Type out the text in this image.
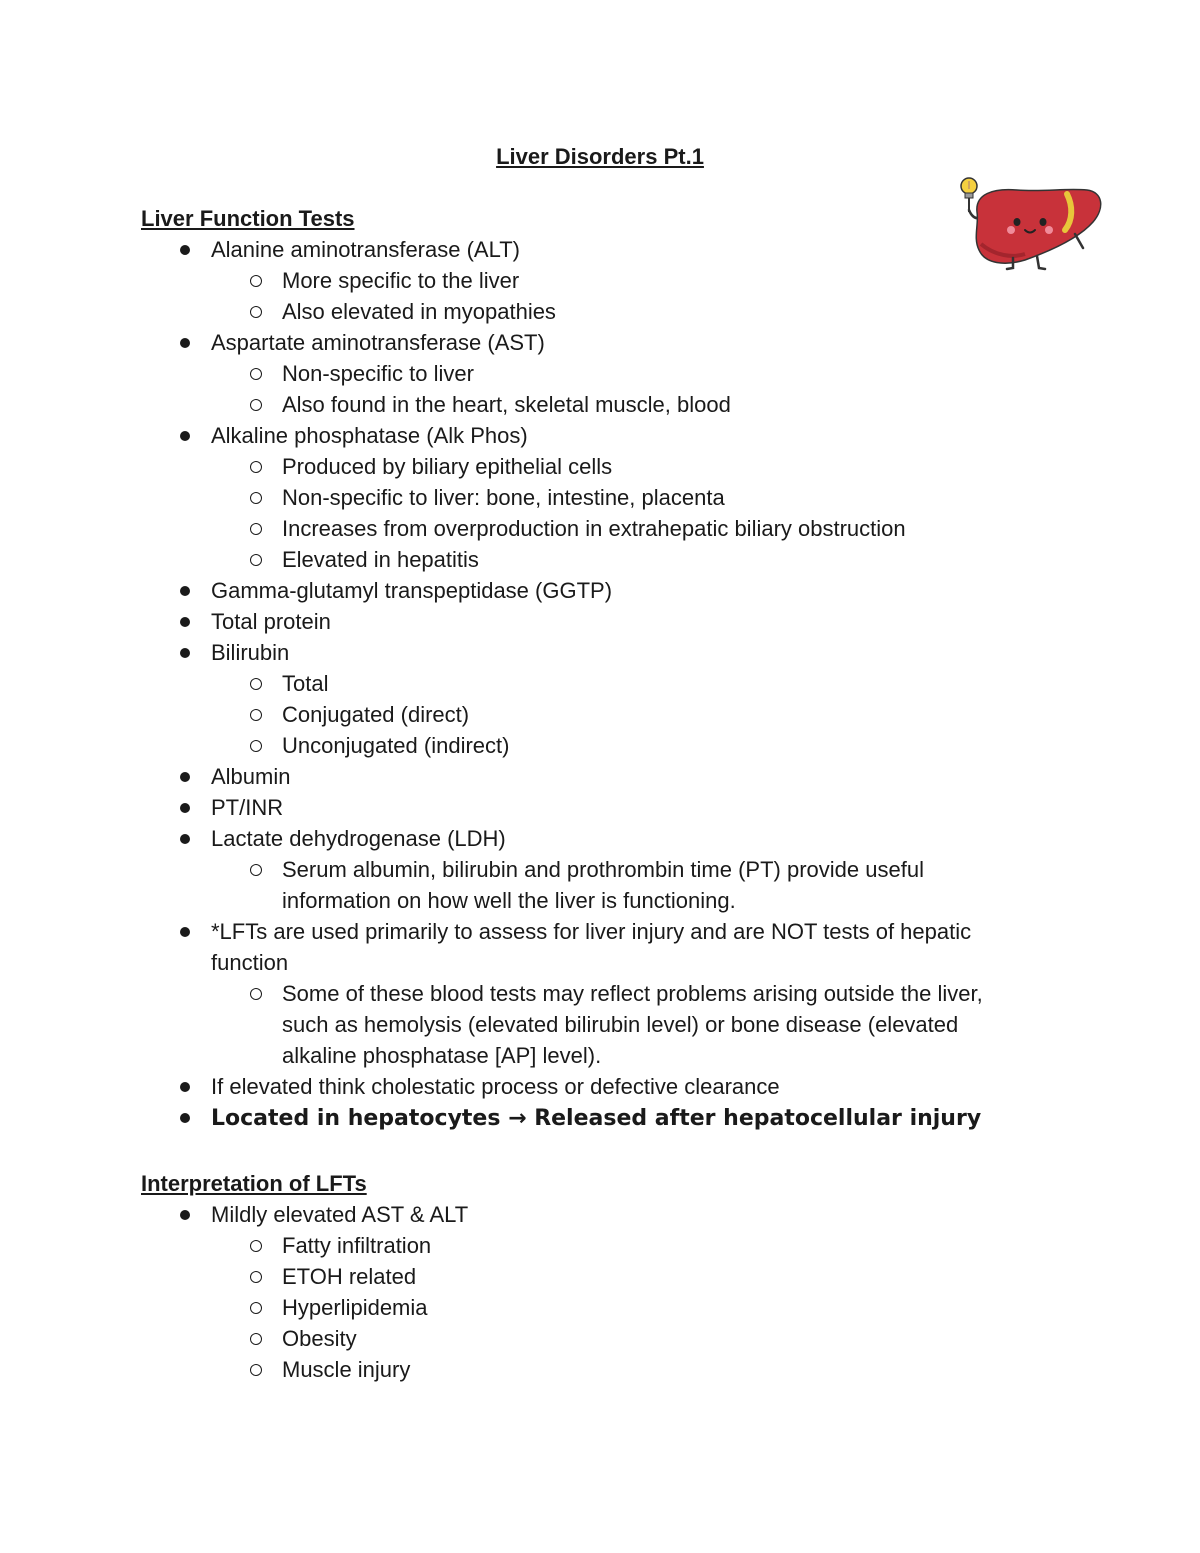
Liver Disorders Pt.1
Liver Function Tests
Alanine aminotransferase (ALT)
More specific to the liver
Also elevated in myopathies
Aspartate aminotransferase (AST)
Non-specific to liver
Also found in the heart, skeletal muscle, blood
Alkaline phosphatase (Alk Phos)
Produced by biliary epithelial cells
Non-specific to liver: bone, intestine, placenta
Increases from overproduction in extrahepatic biliary obstruction
Elevated in hepatitis
Gamma-glutamyl transpeptidase (GGTP)
Total protein
Bilirubin
Total
Conjugated (direct)
Unconjugated (indirect)
Albumin
PT/INR
Lactate dehydrogenase (LDH)
Serum albumin, bilirubin and prothrombin time (PT) provide useful
information on how well the liver is functioning.
*LFTs are used primarily to assess for liver injury and are NOT tests of hepatic
function
Some of these blood tests may reflect problems arising outside the liver,
such as hemolysis (elevated bilirubin level) or bone disease (elevated
alkaline phosphatase [AP] level).
If elevated think cholestatic process or defective clearance
Located in hepatocytes → Released after hepatocellular injury
Interpretation of LFTs
Mildly elevated AST & ALT
Fatty infiltration
ETOH related
Hyperlipidemia
Obesity
Muscle injury
